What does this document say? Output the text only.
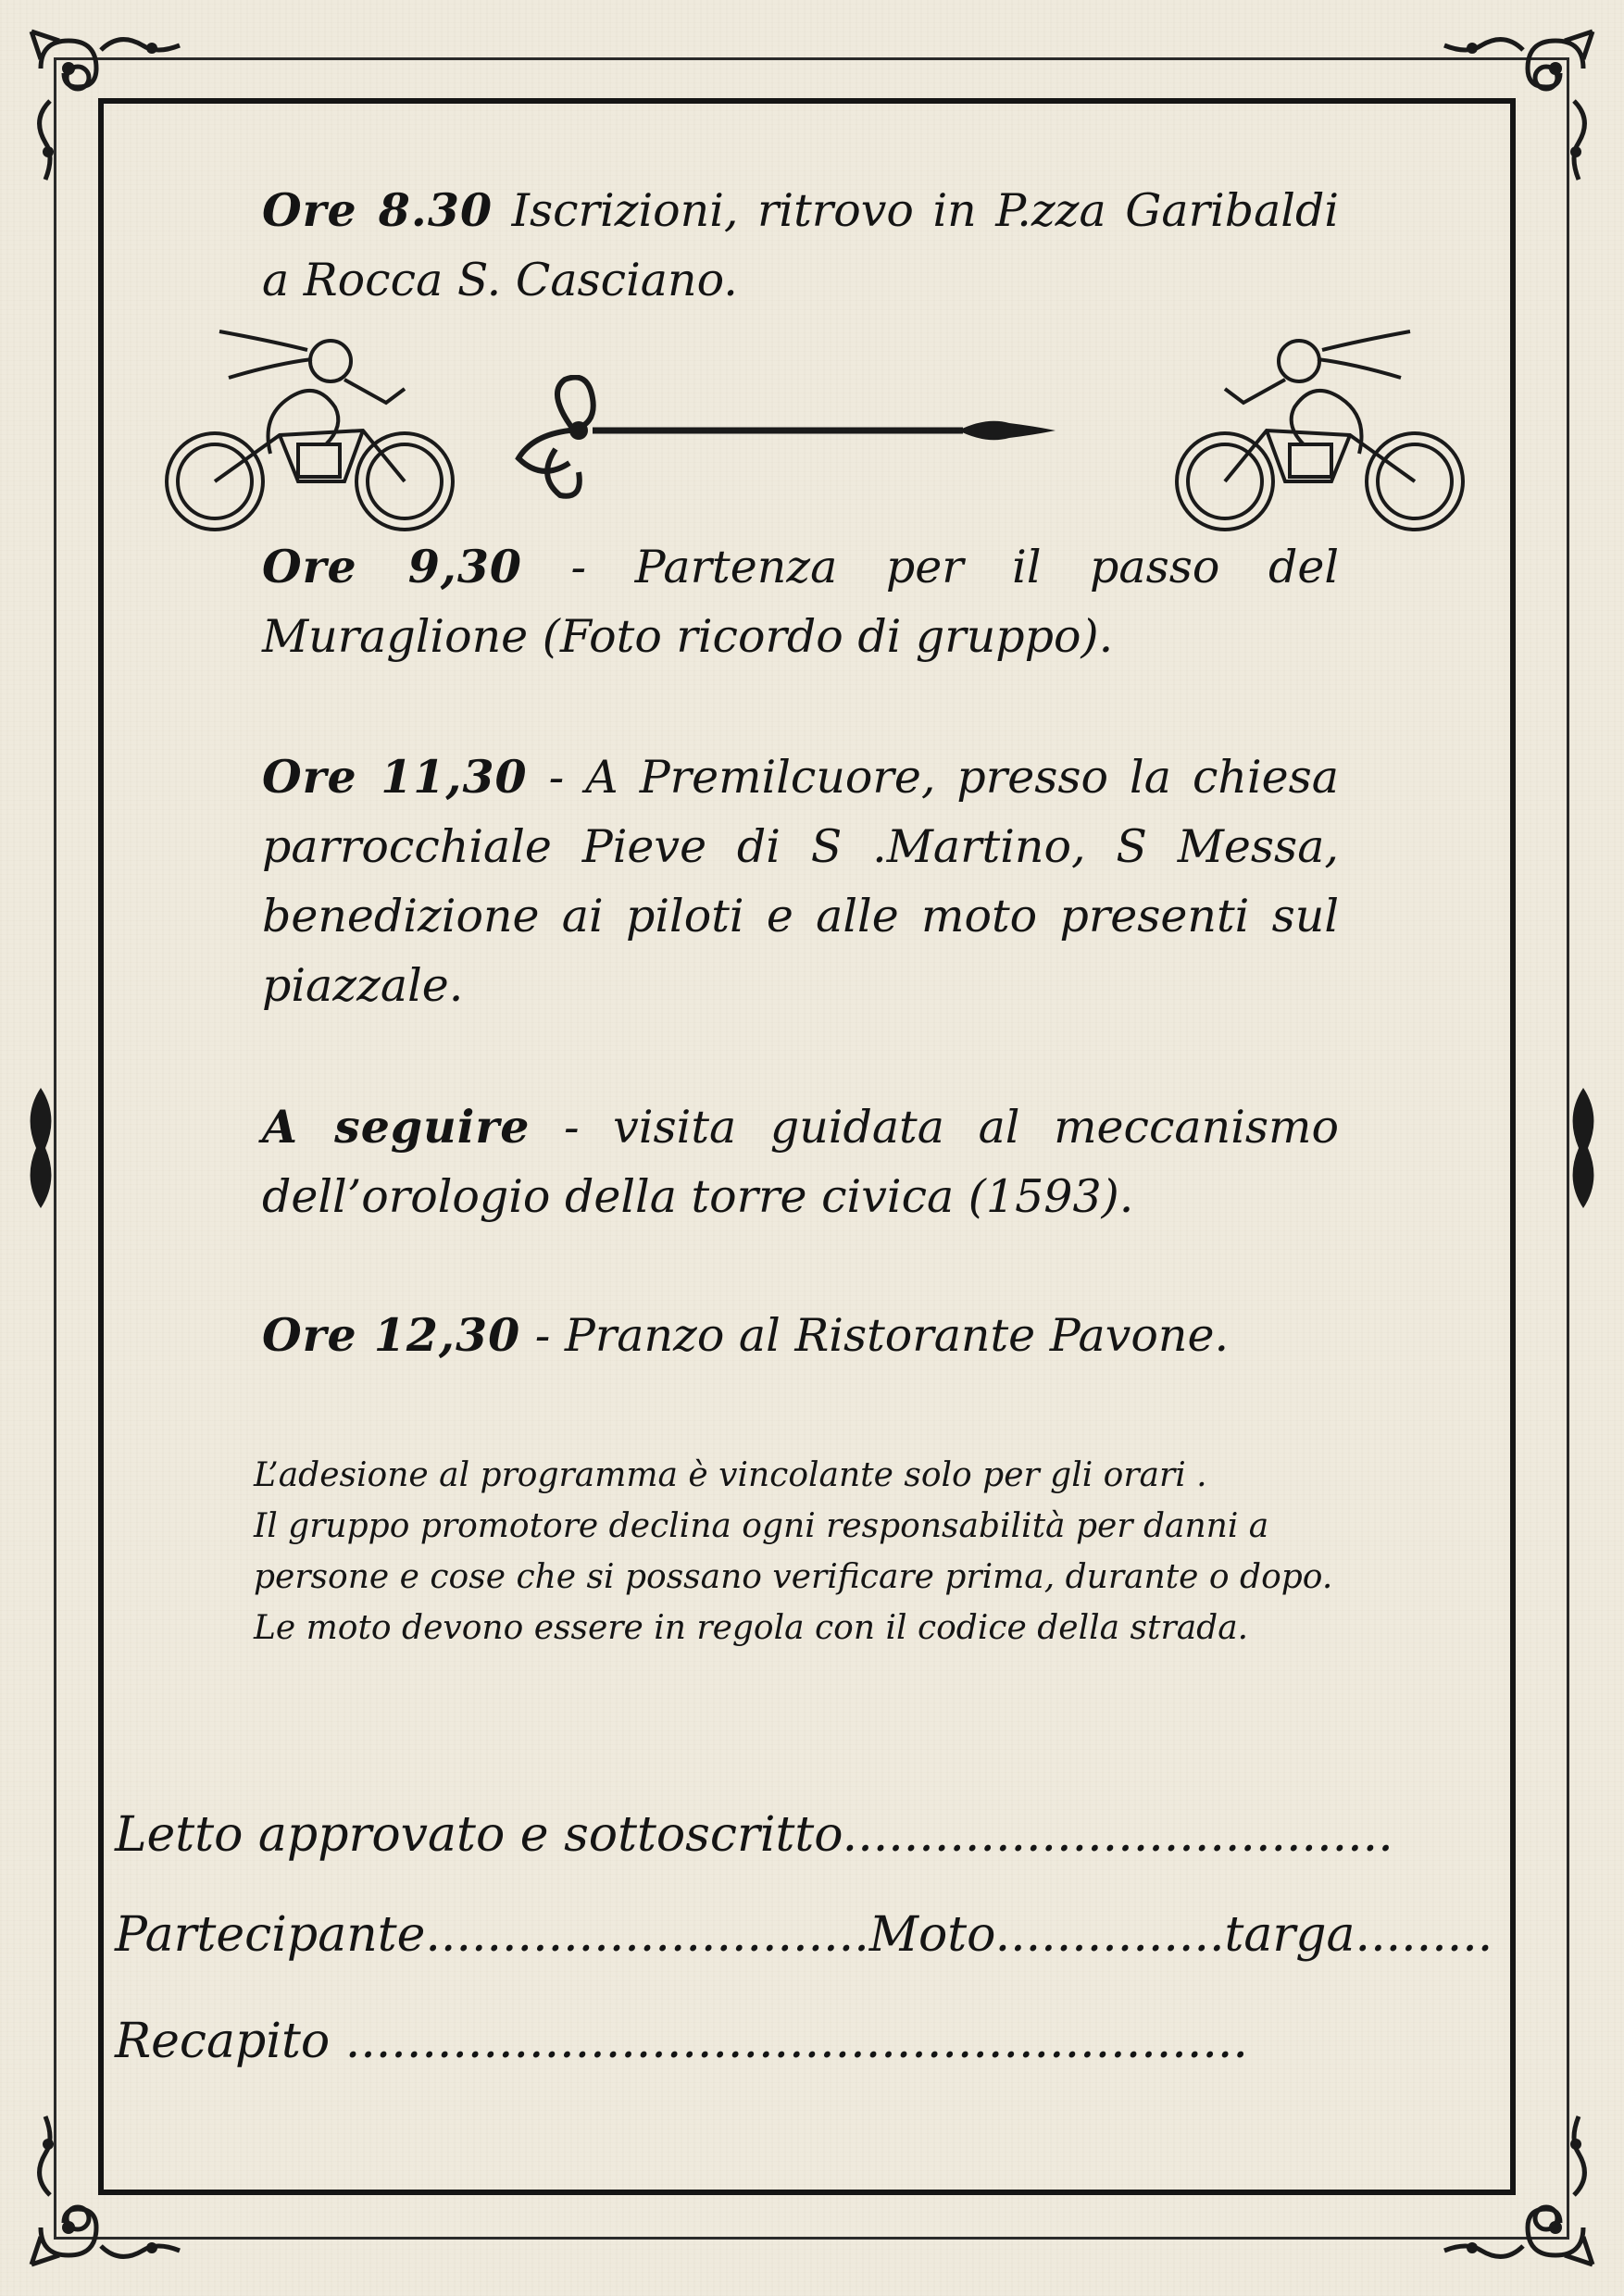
Ore 8.30 Iscrizioni, ritrovo in P.zza Garibaldi a Rocca S. Casciano.
Ore 9,30 - Partenza per il passo del Muraglione (Foto ricordo di gruppo).
Ore 11,30 - A Premilcuore, presso la chiesa parrocchiale Pieve di S .Martino, S Messa, benedizione ai piloti e alle moto presenti sul piazzale.
A seguire - visita guidata al meccanismo dell’orologio della torre civica (1593).
Ore 12,30 - Pranzo al Ristorante Pavone.
L’adesione al programma è vincolante solo per gli orari .
Il gruppo promotore declina ogni responsabilità per danni a
persone e cose che si possano verificare prima, durante o dopo.
Le moto devono essere in regola con il codice della strada.
Letto approvato e sottoscritto....................................
Partecipante.............................Moto...............targa.........
Recapito ...........................................................
